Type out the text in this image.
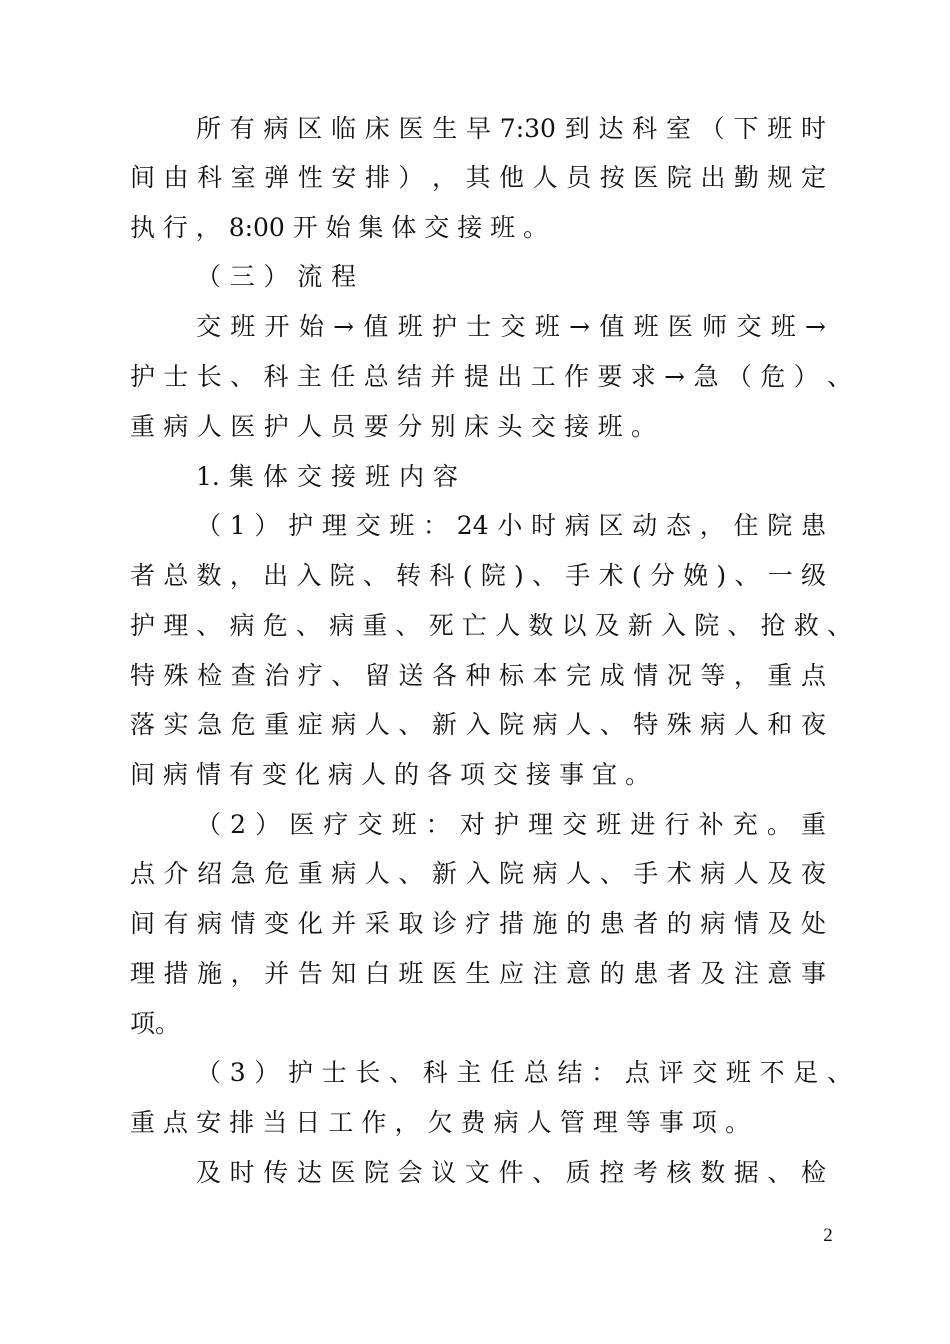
所 有 病 区 临 床 医 生 早 7:30 到 达 科 室 （ 下 班 时
间 由 科 室 弹 性 安 排 ） ， 其 他 人 员 按 医 院 出 勤 规 定
执 行 ， 8:00 开 始 集 体 交 接 班 。
（ 三 ） 流 程
交 班 开 始 → 值 班 护 士 交 班 → 值 班 医 师 交 班 →
护 士 长 、 科 主 任 总 结 并 提 出 工 作 要 求 → 急 （ 危 ） 、
重 病 人 医 护 人 员 要 分 别 床 头 交 接 班 。
1. 集 体 交 接 班 内 容
（ 1 ） 护 理 交 班 ： 24 小 时 病 区 动 态 ， 住 院 患
者 总 数 ， 出 入 院 、 转 科 ( 院 ) 、 手 术 ( 分 娩 ) 、 一 级
护 理 、 病 危 、 病 重 、 死 亡 人 数 以 及 新 入 院 、 抢 救 、
特 殊 检 查 治 疗 、 留 送 各 种 标 本 完 成 情 况 等 ， 重 点
落 实 急 危 重 症 病 人 、 新 入 院 病 人 、 特 殊 病 人 和 夜
间 病 情 有 变 化 病 人 的 各 项 交 接 事 宜 。
（ 2 ） 医 疗 交 班 ： 对 护 理 交 班 进 行 补 充 。 重
点 介 绍 急 危 重 病 人 、 新 入 院 病 人 、 手 术 病 人 及 夜
间 有 病 情 变 化 并 采 取 诊 疗 措 施 的 患 者 的 病 情 及 处
理 措 施 ， 并 告 知 白 班 医 生 应 注 意 的 患 者 及 注 意 事
项 。
（ 3 ） 护 士 长 、 科 主 任 总 结 ： 点 评 交 班 不 足 、
重 点 安 排 当 日 工 作 ， 欠 费 病 人 管 理 等 事 项 。
及 时 传 达 医 院 会 议 文 件 、 质 控 考 核 数 据 、 检
2
